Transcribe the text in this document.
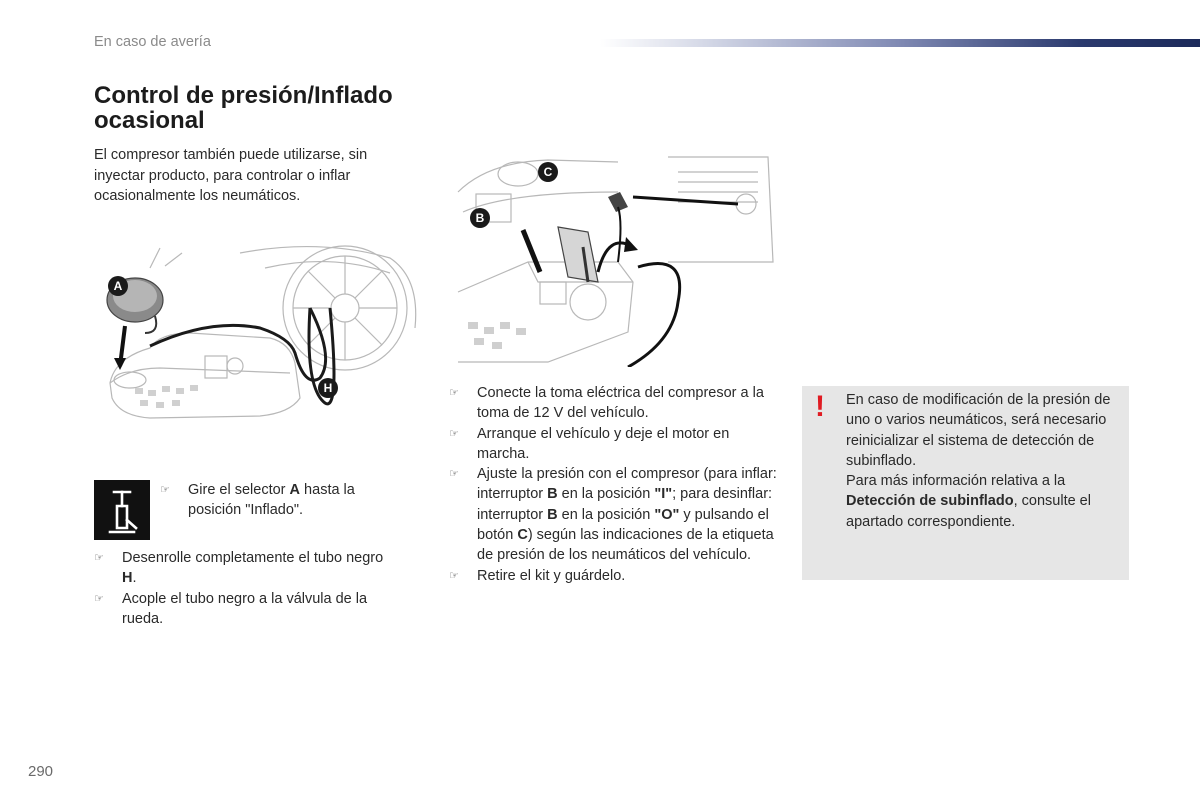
En caso de avería
Control de presión/Inflado
ocasional

El compresor también puede utilizarse, sin inyectar producto, para controlar o inflar ocasionalmente los neumáticos.

A
H
C
B
☞ Gire el selector A hasta la posición "Inflado".
☞ Desenrolle completamente el tubo negro H.
☞ Acople el tubo negro a la válvula de la rueda.
☞ Conecte la toma eléctrica del compresor a la toma de 12 V del vehículo.
☞ Arranque el vehículo y deje el motor en marcha.
☞ Ajuste la presión con el compresor (para inflar: interruptor B en la posición "I"; para desinflar: interruptor B en la posición "O" y pulsando el botón C) según las indicaciones de la etiqueta de presión de los neumáticos del vehículo.
☞ Retire el kit y guárdelo.
! En caso de modificación de la presión de uno o varios neumáticos, será necesario reinicializar el sistema de detección de subinflado.
Para más información relativa a la Detección de subinflado, consulte el apartado correspondiente.

290
